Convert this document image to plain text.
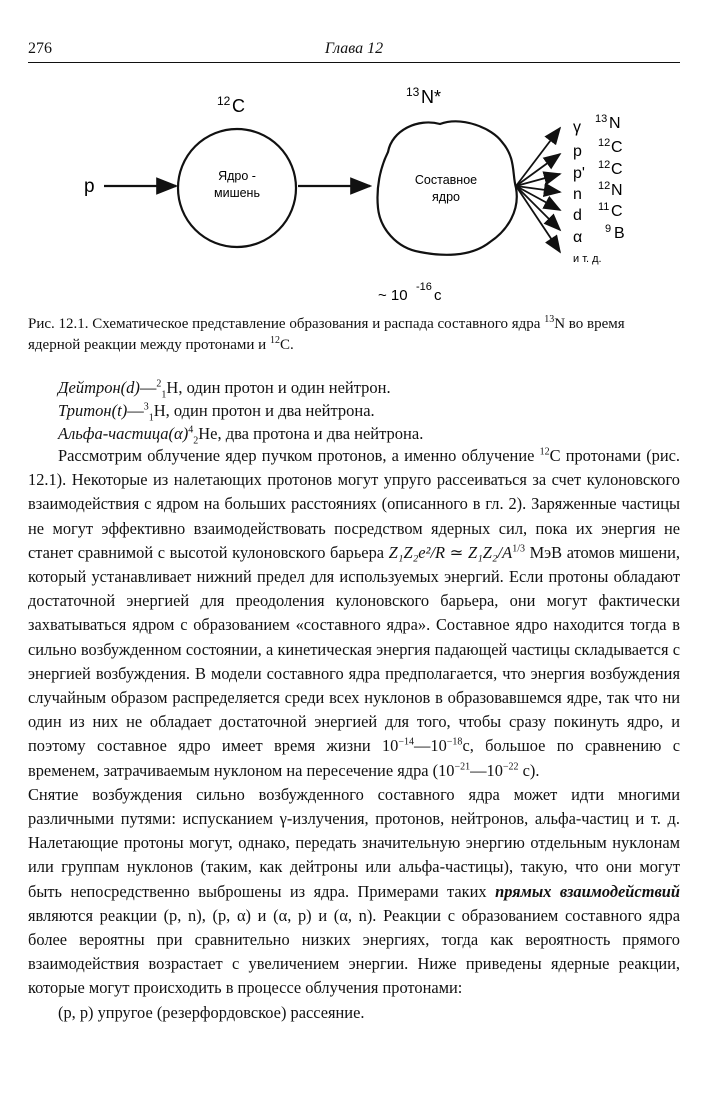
276	Глава 12
12 C
13 N*
p	Ядро -
мишень
Составное
ядро
γ 13 N
p 12 C
p' 12 C
n 12 N
d 11 C
α 9 B
и т. д.
~ 10 -16 с
Рис. 12.1. Схематическое представление образования и распада составного ядра $^{13}$N во время ядерной реакции между протонами и $^{12}$C.
Дейтрон(d)—$^2_1$H, один протон и один нейтрон.
Тритон(t)—$^3_1$H, один протон и два нейтрона.
Альфа-$частица(\alpha)^4_2He$, два протона и два нейтрона.

Рассмотрим облучение ядер пучком протонов, а именно облучение $^{12}$C протонами (рис. 12.1). Некоторые из налетающих протонов могут упруго рассеиваться за счет кулоновского взаимодействия с ядром на больших расстояниях (описанного в гл. 2). Заряженные частицы не могут эффективно взаимодействовать посредством ядерных сил, пока их энергия не станет сравнимой с высотой кулоновского барьера Z₁Z₂e²/R ≃ Z₁Z₂/$A^{1/3}$ МэВ атомов мишени, который устанавливает нижний предел для используемых энергий. Если протоны обладают достаточной энергией для преодоления кулоновского барьера, они могут фактически захватываться ядром с образованием «составного ядра». Составное ядро находится тогда в сильно возбужденном состоянии, а кинетическая энергия падающей частицы складывается с энергией возбуждения. В модели составного ядра предполагается, что энергия возбуждения случайным образом распределяется среди всех нуклонов в образовавшемся ядре, так что ни один из них не обладает достаточной энергией для того, чтобы сразу покинуть ядро, и поэтому составное ядро имеет время жизни $10^{-14}—10^{-18}с$, большое по сравнению с временем, затрачиваемым нуклоном на пересечение ядра ($10^{-21}—10^{-22}$ с).

Снятие возбуждения сильно возбужденного составного ядра может идти многими различными путями: испусканием γ-излучения, протонов, нейтронов, альфа-частиц и т. д. Налетающие протоны могут, однако, передать значительную энергию отдельным нуклонам или группам нуклонов (таким, как дейтроны или альфа-частицы), такую, что они могут быть непосредственно выброшены из ядра. Примерами таких прямых взаимодействий являются реакции (p, n), (p, α) и (α, p) и (α, n). Реакции с образованием составного ядра более вероятны при сравнительно низких энергиях, тогда как вероятность прямого взаимодействия возрастает с увеличением энергии. Ниже приведены ядерные реакции, которые могут происходить в процессе облучения протонами:

(p, p) упругое (резерфордовское) рассеяние.
